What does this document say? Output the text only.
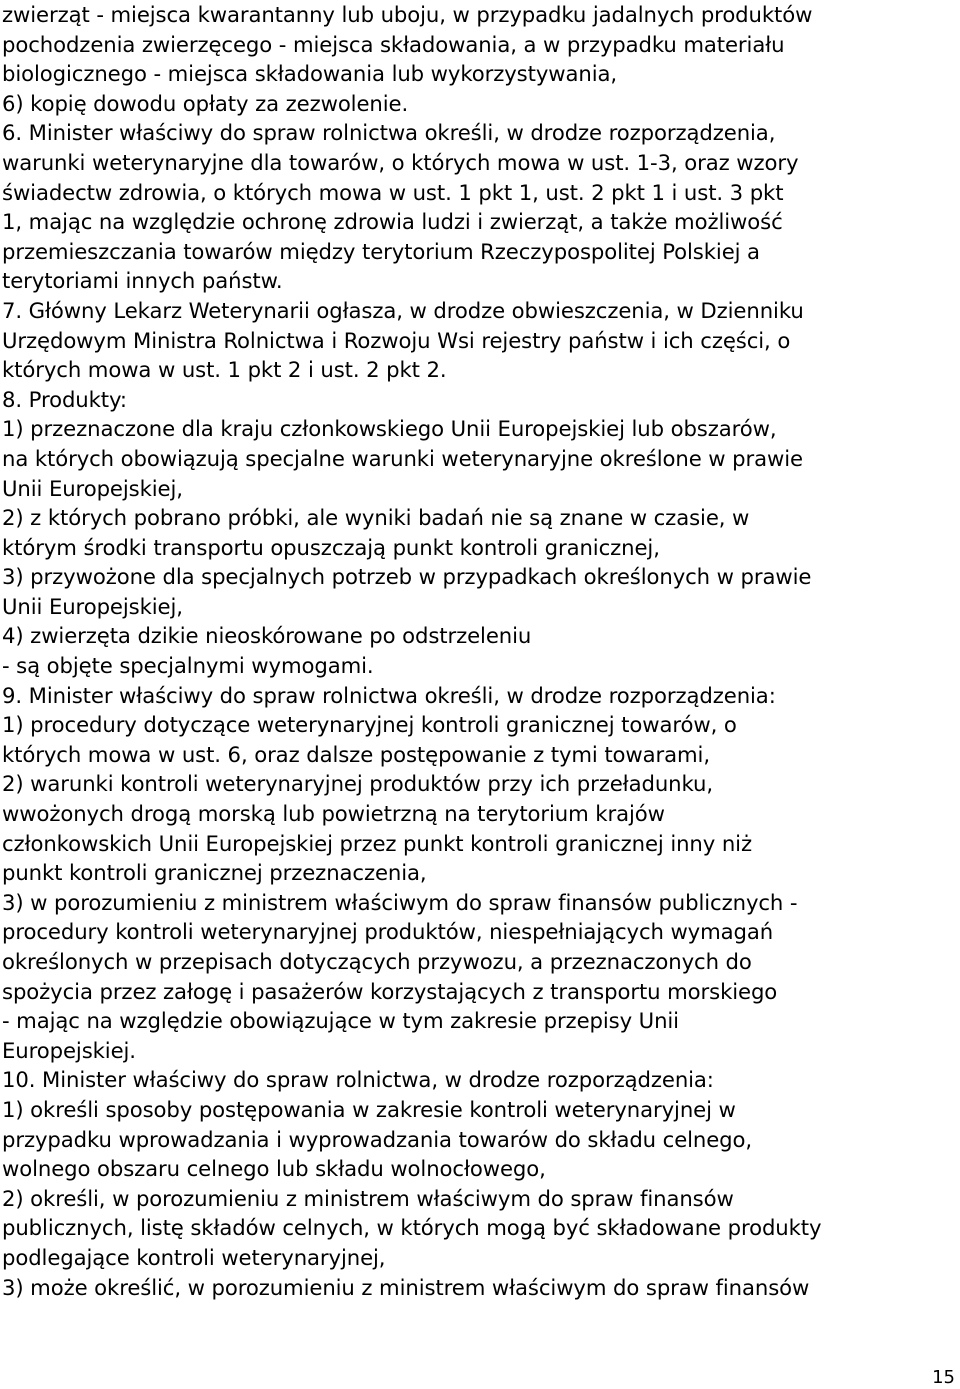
zwierząt - miejsca kwarantanny lub uboju, w przypadku jadalnych produktów
pochodzenia zwierzęcego - miejsca składowania, a w przypadku materiału
biologicznego - miejsca składowania lub wykorzystywania,
6) kopię dowodu opłaty za zezwolenie.
6. Minister właściwy do spraw rolnictwa określi, w drodze rozporządzenia,
warunki weterynaryjne dla towarów, o których mowa w ust. 1-3, oraz wzory
świadectw zdrowia, o których mowa w ust. 1 pkt 1, ust. 2 pkt 1 i ust. 3 pkt
1, mając na względzie ochronę zdrowia ludzi i zwierząt, a także możliwość
przemieszczania towarów między terytorium Rzeczypospolitej Polskiej a
terytoriami innych państw.
7. Główny Lekarz Weterynarii ogłasza, w drodze obwieszczenia, w Dzienniku
Urzędowym Ministra Rolnictwa i Rozwoju Wsi rejestry państw i ich części, o
których mowa w ust. 1 pkt 2 i ust. 2 pkt 2.
8. Produkty:
1) przeznaczone dla kraju członkowskiego Unii Europejskiej lub obszarów,
na których obowiązują specjalne warunki weterynaryjne określone w prawie
Unii Europejskiej,
2) z których pobrano próbki, ale wyniki badań nie są znane w czasie, w
którym środki transportu opuszczają punkt kontroli granicznej,
3) przywożone dla specjalnych potrzeb w przypadkach określonych w prawie
Unii Europejskiej,
4) zwierzęta dzikie nieoskórowane po odstrzeleniu
- są objęte specjalnymi wymogami.
9. Minister właściwy do spraw rolnictwa określi, w drodze rozporządzenia:
1) procedury dotyczące weterynaryjnej kontroli granicznej towarów, o
których mowa w ust. 6, oraz dalsze postępowanie z tymi towarami,
2) warunki kontroli weterynaryjnej produktów przy ich przeładunku,
wwożonych drogą morską lub powietrzną na terytorium krajów
członkowskich Unii Europejskiej przez punkt kontroli granicznej inny niż
punkt kontroli granicznej przeznaczenia,
3) w porozumieniu z ministrem właściwym do spraw finansów publicznych -
procedury kontroli weterynaryjnej produktów, niespełniających wymagań
określonych w przepisach dotyczących przywozu, a przeznaczonych do
spożycia przez załogę i pasażerów korzystających z transportu morskiego
- mając na względzie obowiązujące w tym zakresie przepisy Unii
Europejskiej.
10. Minister właściwy do spraw rolnictwa, w drodze rozporządzenia:
1) określi sposoby postępowania w zakresie kontroli weterynaryjnej w
przypadku wprowadzania i wyprowadzania towarów do składu celnego,
wolnego obszaru celnego lub składu wolnocłowego,
2) określi, w porozumieniu z ministrem właściwym do spraw finansów
publicznych, listę składów celnych, w których mogą być składowane produkty
podlegające kontroli weterynaryjnej,
3) może określić, w porozumieniu z ministrem właściwym do spraw finansów
15
